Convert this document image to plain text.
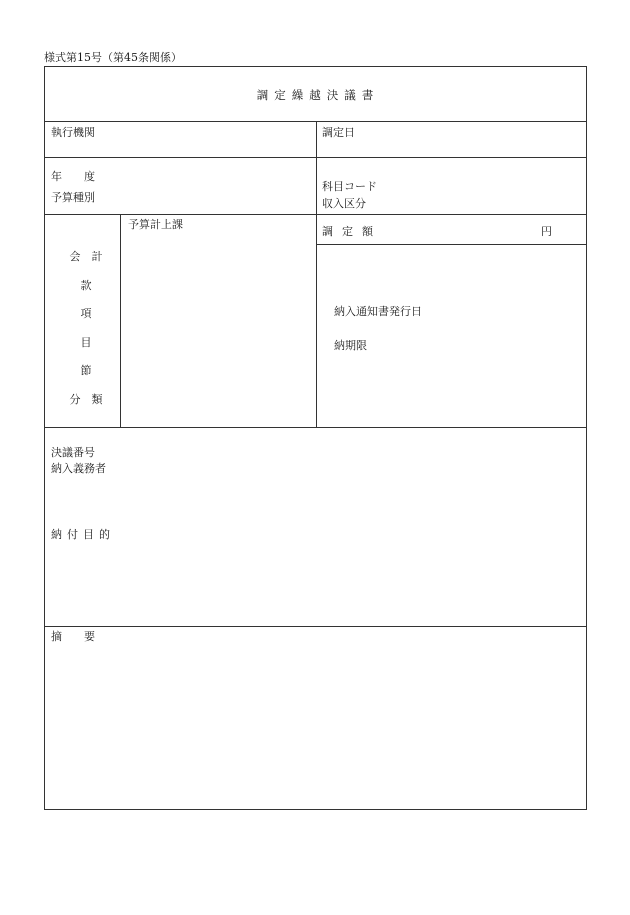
様式第15号（第45条関係）
調定繰越決議書
執行機関	調定日
年　　度
予算種別
科目コード
収入区分
予算計上課
調定額	円
納入通知書発行日
納期限
会　計
款
項
目
節
分　類
決議番号
納入義務者
納付目的
摘　　要
